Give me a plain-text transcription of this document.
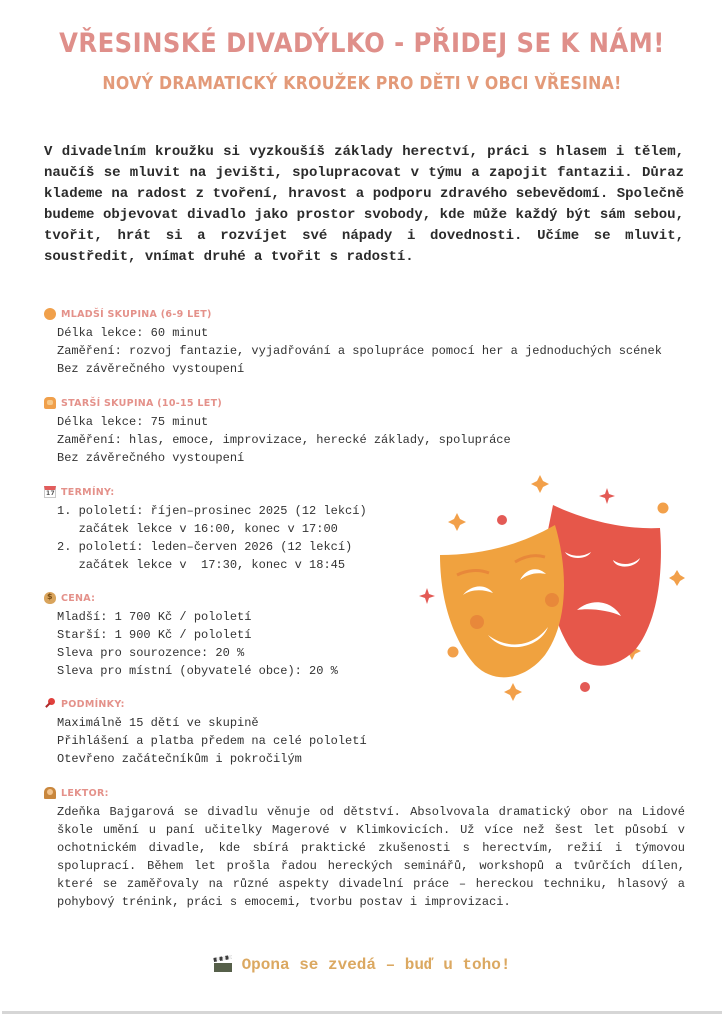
VŘESINSKÉ DIVADÝLKO - PŘIDEJ SE K NÁM!
NOVÝ DRAMATICKÝ KROUŽEK PRO DĚTI V OBCI VŘESINA!

V divadelním kroužku si vyzkoušíš základy herectví, práci s hlasem i tělem, naučíš se mluvit na jevišti, spolupracovat v týmu a zapojit fantazii. Důraz klademe na radost z tvoření, hravost a podporu zdravého sebevědomí. Společně budeme objevovat divadlo jako prostor svobody, kde může každý být sám sebou, tvořit, hrát si a rozvíjet své nápady i dovednosti. Učíme se mluvit, soustředit, vnímat druhé a tvořit s radostí.

MLADŠÍ SKUPINA (6-9 LET)
Délka lekce: 60 minut
Zaměření: rozvoj fantazie, vyjadřování a spolupráce pomocí her a jednoduchých scének
Bez závěrečného vystoupení
STARŠÍ SKUPINA (10-15 LET)
Délka lekce: 75 minut
Zaměření: hlas, emoce, improvizace, herecké základy, spolupráce
Bez závěrečného vystoupení
17
TERMÍNY:
1. pololetí: říjen–prosinec 2025 (12 lekcí)
začátek lekce v 16:00, konec v 17:00
2. pololetí: leden–červen 2026 (12 lekcí)
začátek lekce v  17:30, konec v 18:45
$
CENA:
Mladší: 1 700 Kč / pololetí
Starší: 1 900 Kč / pololetí
Sleva pro sourozence: 20 %
Sleva pro místní (obyvatelé obce): 20 %
PODMÍNKY:
Maximálně 15 dětí ve skupině
Přihlášení a platba předem na celé pololetí
Otevřeno začátečníkům i pokročilým
LEKTOR:
Zdeňka Bajgarová se divadlu věnuje od dětství. Absolvovala dramatický obor na Lidové škole umění u paní učitelky Magerové v Klimkovicích. Už více než šest let působí v ochotnickém divadle, kde sbírá praktické zkušenosti s herectvím, režií i týmovou spoluprací. Během let prošla řadou hereckých seminářů, workshopů a tvůrčích dílen, které se zaměřovaly na různé aspekty divadelní práce – hereckou techniku, hlasový a pohybový trénink, práci s emocemi, tvorbu postav i improvizaci.
Opona se zvedá – buď u toho!
